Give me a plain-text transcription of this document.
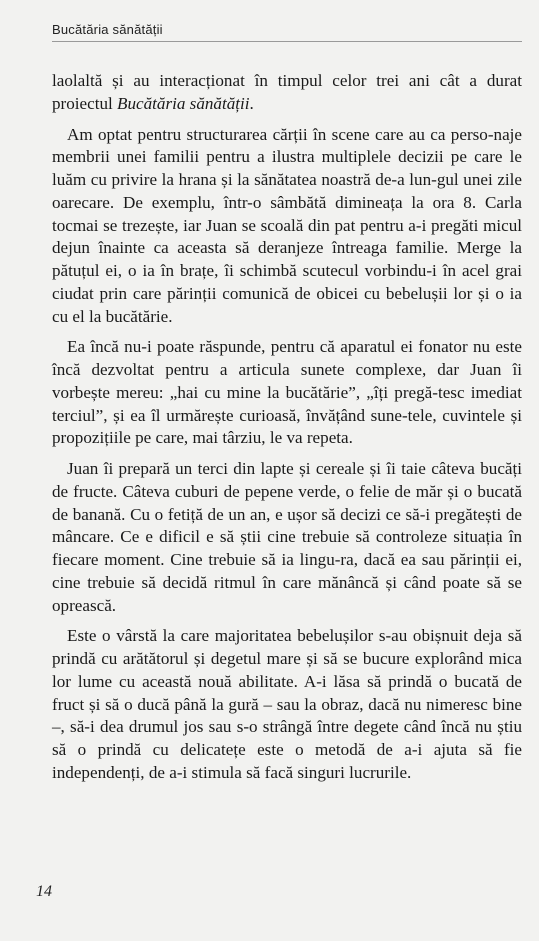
Bucătăria sănătății

laolaltă și au interacționat în timpul celor trei ani cât a durat proiectul Bucătăria sănătății.

Am optat pentru structurarea cărții în scene care au ca perso-naje membrii unei familii pentru a ilustra multiplele decizii pe care le luăm cu privire la hrana și la sănătatea noastră de-a lun-gul unei zile oarecare. De exemplu, într-o sâmbătă dimineața la ora 8. Carla tocmai se trezește, iar Juan se scoală din pat pentru a-i pregăti micul dejun înainte ca aceasta să deranjeze întreaga familie. Merge la pătuțul ei, o ia în brațe, îi schimbă scutecul vorbindu-i în acel grai ciudat prin care părinții comunică de obicei cu bebelușii lor și o ia cu el la bucătărie.

Ea încă nu-i poate răspunde, pentru că aparatul ei fonator nu este încă dezvoltat pentru a articula sunete complexe, dar Juan îi vorbește mereu: „hai cu mine la bucătărie”, „îți pregă-tesc imediat terciul”, și ea îl urmărește curioasă, învățând sune-tele, cuvintele și propozițiile pe care, mai târziu, le va repeta.

Juan îi prepară un terci din lapte și cereale și îi taie câteva bucăți de fructe. Câteva cuburi de pepene verde, o felie de măr și o bucată de banană. Cu o fetiță de un an, e ușor să decizi ce să-i pregătești de mâncare. Ce e dificil e să știi cine trebuie să controleze situația în fiecare moment. Cine trebuie să ia lingu-ra, dacă ea sau părinții ei, cine trebuie să decidă ritmul în care mănâncă și când poate să se oprească.

Este o vârstă la care majoritatea bebelușilor s-au obișnuit deja să prindă cu arătătorul și degetul mare și să se bucure explorând mica lor lume cu această nouă abilitate. A-i lăsa să prindă o bucată de fruct și să o ducă până la gură – sau la obraz, dacă nu nimeresc bine –, să-i dea drumul jos sau s-o strângă între degete când încă nu știu să o prindă cu delicatețe este o metodă de a-i ajuta să fie independenți, de a-i stimula să facă singuri lucrurile.

14
